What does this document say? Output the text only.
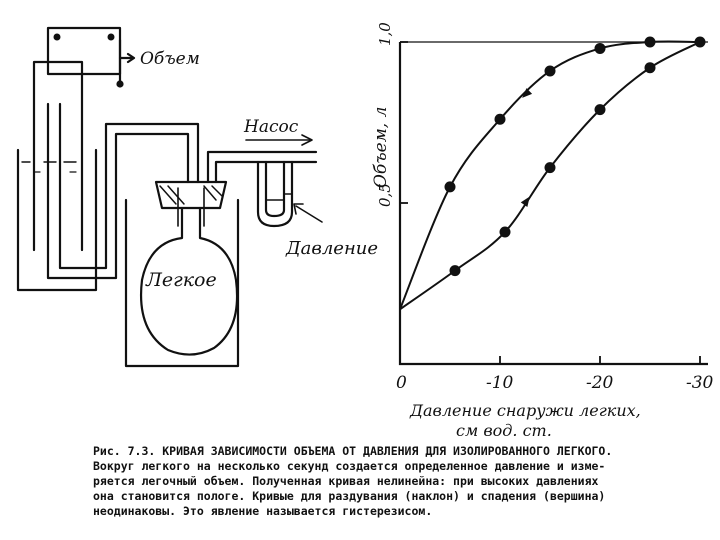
Объем
Насос
Давление
Легкое
0	-10	-20	-30
0,5
1,0
Объем, л
Давление снаружи легких,
см вод. ст.

Рис. 7.3. КРИВАЯ ЗАВИСИМОСТИ ОБЪЕМА ОТ ДАВЛЕНИЯ ДЛЯ ИЗОЛИРОВАННОГО ЛЕГКОГО.

Вокруг легкого на несколько секунд создается определенное давление и изме-

ряется легочный объем. Полученная кривая нелинейна: при высоких давлениях

она становится пологе. Кривые для раздувания (наклон) и спадения (вершина)

неодинаковы. Это явление называется гистерезисом.
